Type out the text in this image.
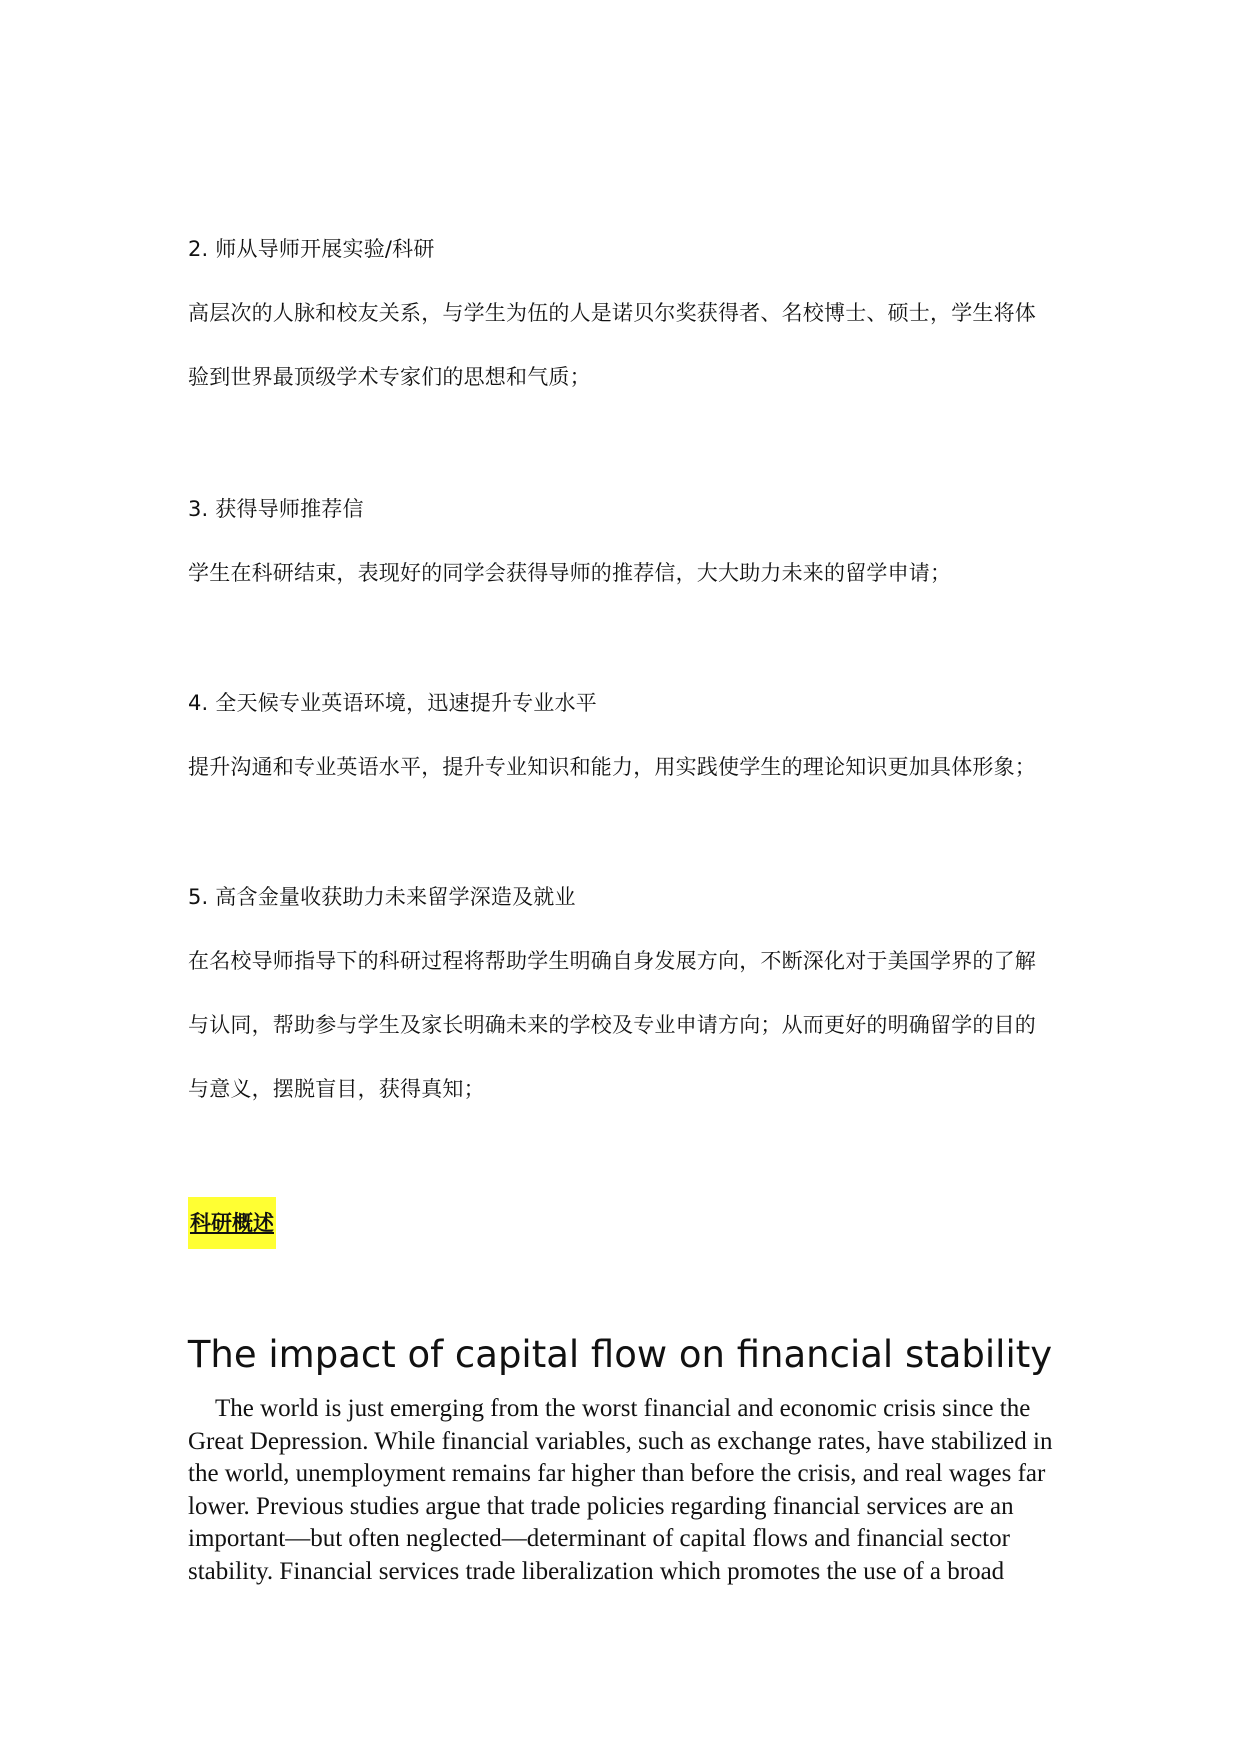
2. 师从导师开展实验/科研
高层次的人脉和校友关系，与学生为伍的人是诺贝尔奖获得者、名校博士、硕士，学生将体
验到世界最顶级学术专家们的思想和气质；
3. 获得导师推荐信
学生在科研结束，表现好的同学会获得导师的推荐信，大大助力未来的留学申请；
4. 全天候专业英语环境，迅速提升专业水平
提升沟通和专业英语水平，提升专业知识和能力，用实践使学生的理论知识更加具体形象；
5. 高含金量收获助力未来留学深造及就业
在名校导师指导下的科研过程将帮助学生明确自身发展方向，不断深化对于美国学界的了解
与认同，帮助参与学生及家长明确未来的学校及专业申请方向；从而更好的明确留学的目的
与意义，摆脱盲目，获得真知；
科研概述
The impact of capital flow on financial stability
The world is just emerging from the worst financial and economic crisis since the
Great Depression. While financial variables, such as exchange rates, have stabilized in
the world, unemployment remains far higher than before the crisis, and real wages far
lower. Previous studies argue that trade policies regarding financial services are an
important—but often neglected—determinant of capital flows and financial sector
stability. Financial services trade liberalization which promotes the use of a broad
